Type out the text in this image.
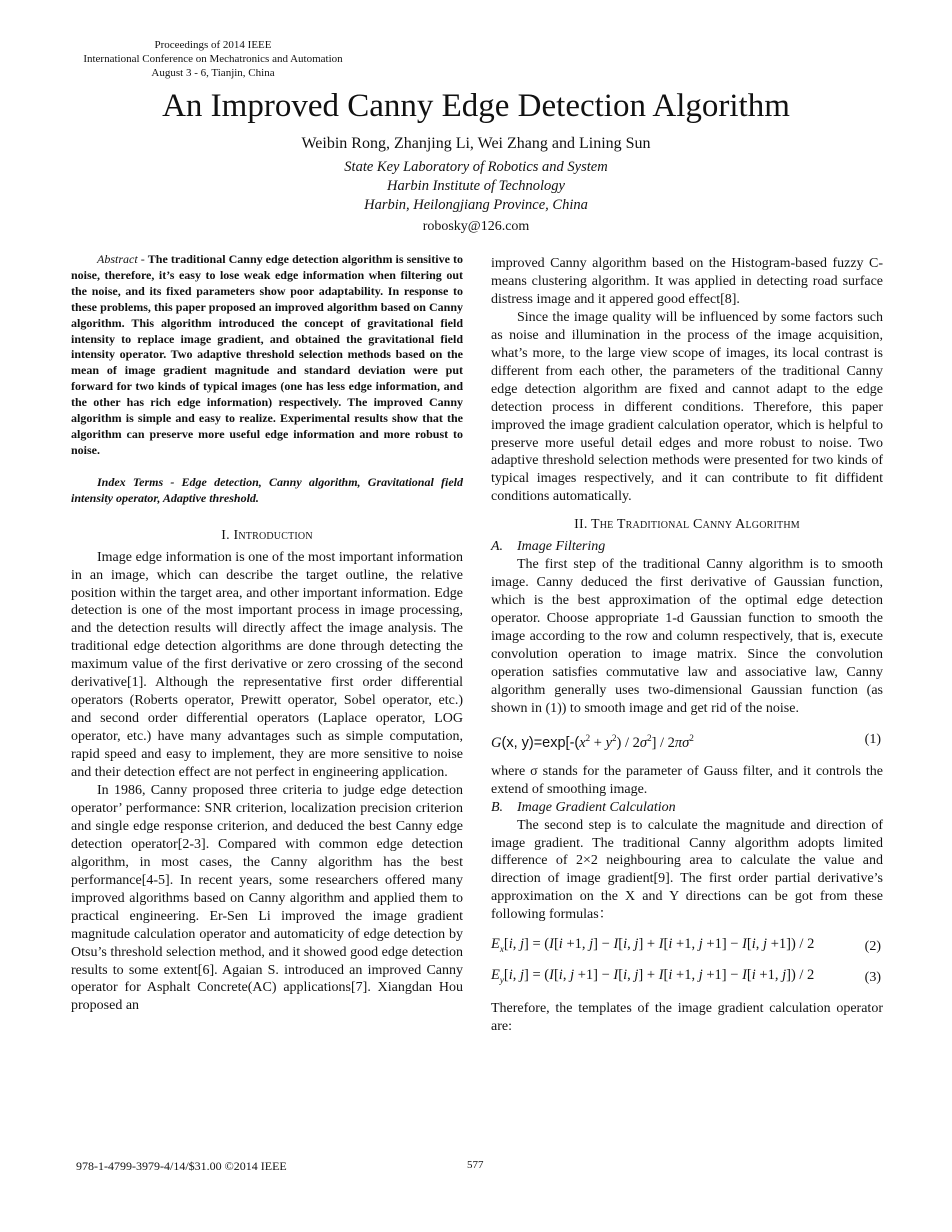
Proceedings of 2014 IEEE
International Conference on Mechatronics and Automation
August 3 - 6, Tianjin, China
An Improved Canny Edge Detection Algorithm
Weibin Rong, Zhanjing Li, Wei Zhang and Lining Sun
State Key Laboratory of Robotics and System
Harbin Institute of Technology
Harbin, Heilongjiang Province, China
robosky@126.com

Abstract - The traditional Canny edge detection algorithm is sensitive to noise, therefore, it’s easy to lose weak edge information when filtering out the noise, and its fixed parameters show poor adaptability. In response to these problems, this paper proposed an improved algorithm based on Canny algorithm. This algorithm introduced the concept of gravitational field intensity to replace image gradient, and obtained the gravitational field intensity operator. Two adaptive threshold selection methods based on the mean of image gradient magnitude and standard deviation were put forward for two kinds of typical images (one has less edge information, and the other has rich edge information) respectively. The improved Canny algorithm is simple and easy to realize. Experimental results show that the algorithm can preserve more useful edge information and more robust to noise.

Index Terms - Edge detection, Canny algorithm, Gravitational field intensity operator, Adaptive threshold.

I. Introduction

Image edge information is one of the most important information in an image, which can describe the target outline, the relative position within the target area, and other important information. Edge detection is one of the most important process in image processing, and the detection results will directly affect the image analysis. The traditional edge detection algorithms are done through detecting the maximum value of the first derivative or zero crossing of the second derivative[1]. Although the representative first order differential operators (Roberts operator, Prewitt operator, Sobel operator, etc.) and second order differential operators (Laplace operator, LOG operator, etc.) have many advantages such as simple computation, rapid speed and easy to implement, they are more sensitive to noise and their detection effect are not perfect in engineering application.

In 1986, Canny proposed three criteria to judge edge detection operator’ performance: SNR criterion, localization precision criterion and single edge response criterion, and deduced the best Canny edge detection operator[2-3]. Compared with common edge detection algorithm, in most cases, the Canny algorithm has the best performance[4-5]. In recent years, some researchers offered many improved algorithms based on Canny algorithm and applied them to practical engineering. Er-Sen Li improved the image gradient magnitude calculation operator and automaticity of edge detection by Otsu’s threshold selection method, and it showed good edge detection results to some extent[6]. Agaian S. introduced an improved Canny operator for Asphalt Concrete(AC) applications[7]. Xiangdan Hou proposed an

improved Canny algorithm based on the Histogram-based fuzzy C-means clustering algorithm. It was applied in detecting road surface distress image and it appered good effect[8].

Since the image quality will be influenced by some factors such as noise and illumination in the process of the image acquisition, what’s more, to the large view scope of images, its local contrast is different from each other, the parameters of the traditional Canny edge detection algorithm are fixed and cannot adapt to the edge detection process in different conditions. Therefore, this paper improved the image gradient calculation operator, which is helpful to preserve more useful detail edges and more robust to noise. Two adaptive threshold selection methods were presented for two kinds of typical images respectively, and it can contribute to fit diffident conditions automatically.

II. The Traditional Canny Algorithm

A. Image Filtering

The first step of the traditional Canny algorithm is to smooth image. Canny deduced the first derivative of Gaussian function, which is the best approximation of the optimal edge detection operator. Choose appropriate 1-d Gaussian function to smooth the image according to the row and column respectively, that is, execute convolution operation to image matrix. Since the convolution operation satisfies commutative law and associative law, Canny algorithm generally uses two-dimensional Gaussian function (as shown in (1)) to smooth image and get rid of the noise.

G(x, $y)=\exp[-(x^2 + y^2) / 2\sigma^2] / 2\pi\sigma^2$	(1)

where σ stands for the parameter of Gauss filter, and it controls the extend of smoothing image.

B. Image Gradient Calculation

The second step is to calculate the magnitude and direction of image gradient. The traditional Canny algorithm adopts limited difference of 2×2 neighbouring area to calculate the value and direction of image gradient[9]. The first order partial derivative’s approximation on the X and Y directions can be got from these following formulas：

$E_x[i$, j] = (I[i +1, j] − I[i, j] + I[i +1, j +1] − I[i, j +1]) / 2	(2)
$E_y[i$, j] = (I[i, j +1] − I[i, j] + I[i +1, j +1] − I[i +1, j]) / 2	(3)

Therefore, the templates of the image gradient calculation operator are:

978-1-4799-3979-4/14/$31.00 ©2014 IEEE	577
